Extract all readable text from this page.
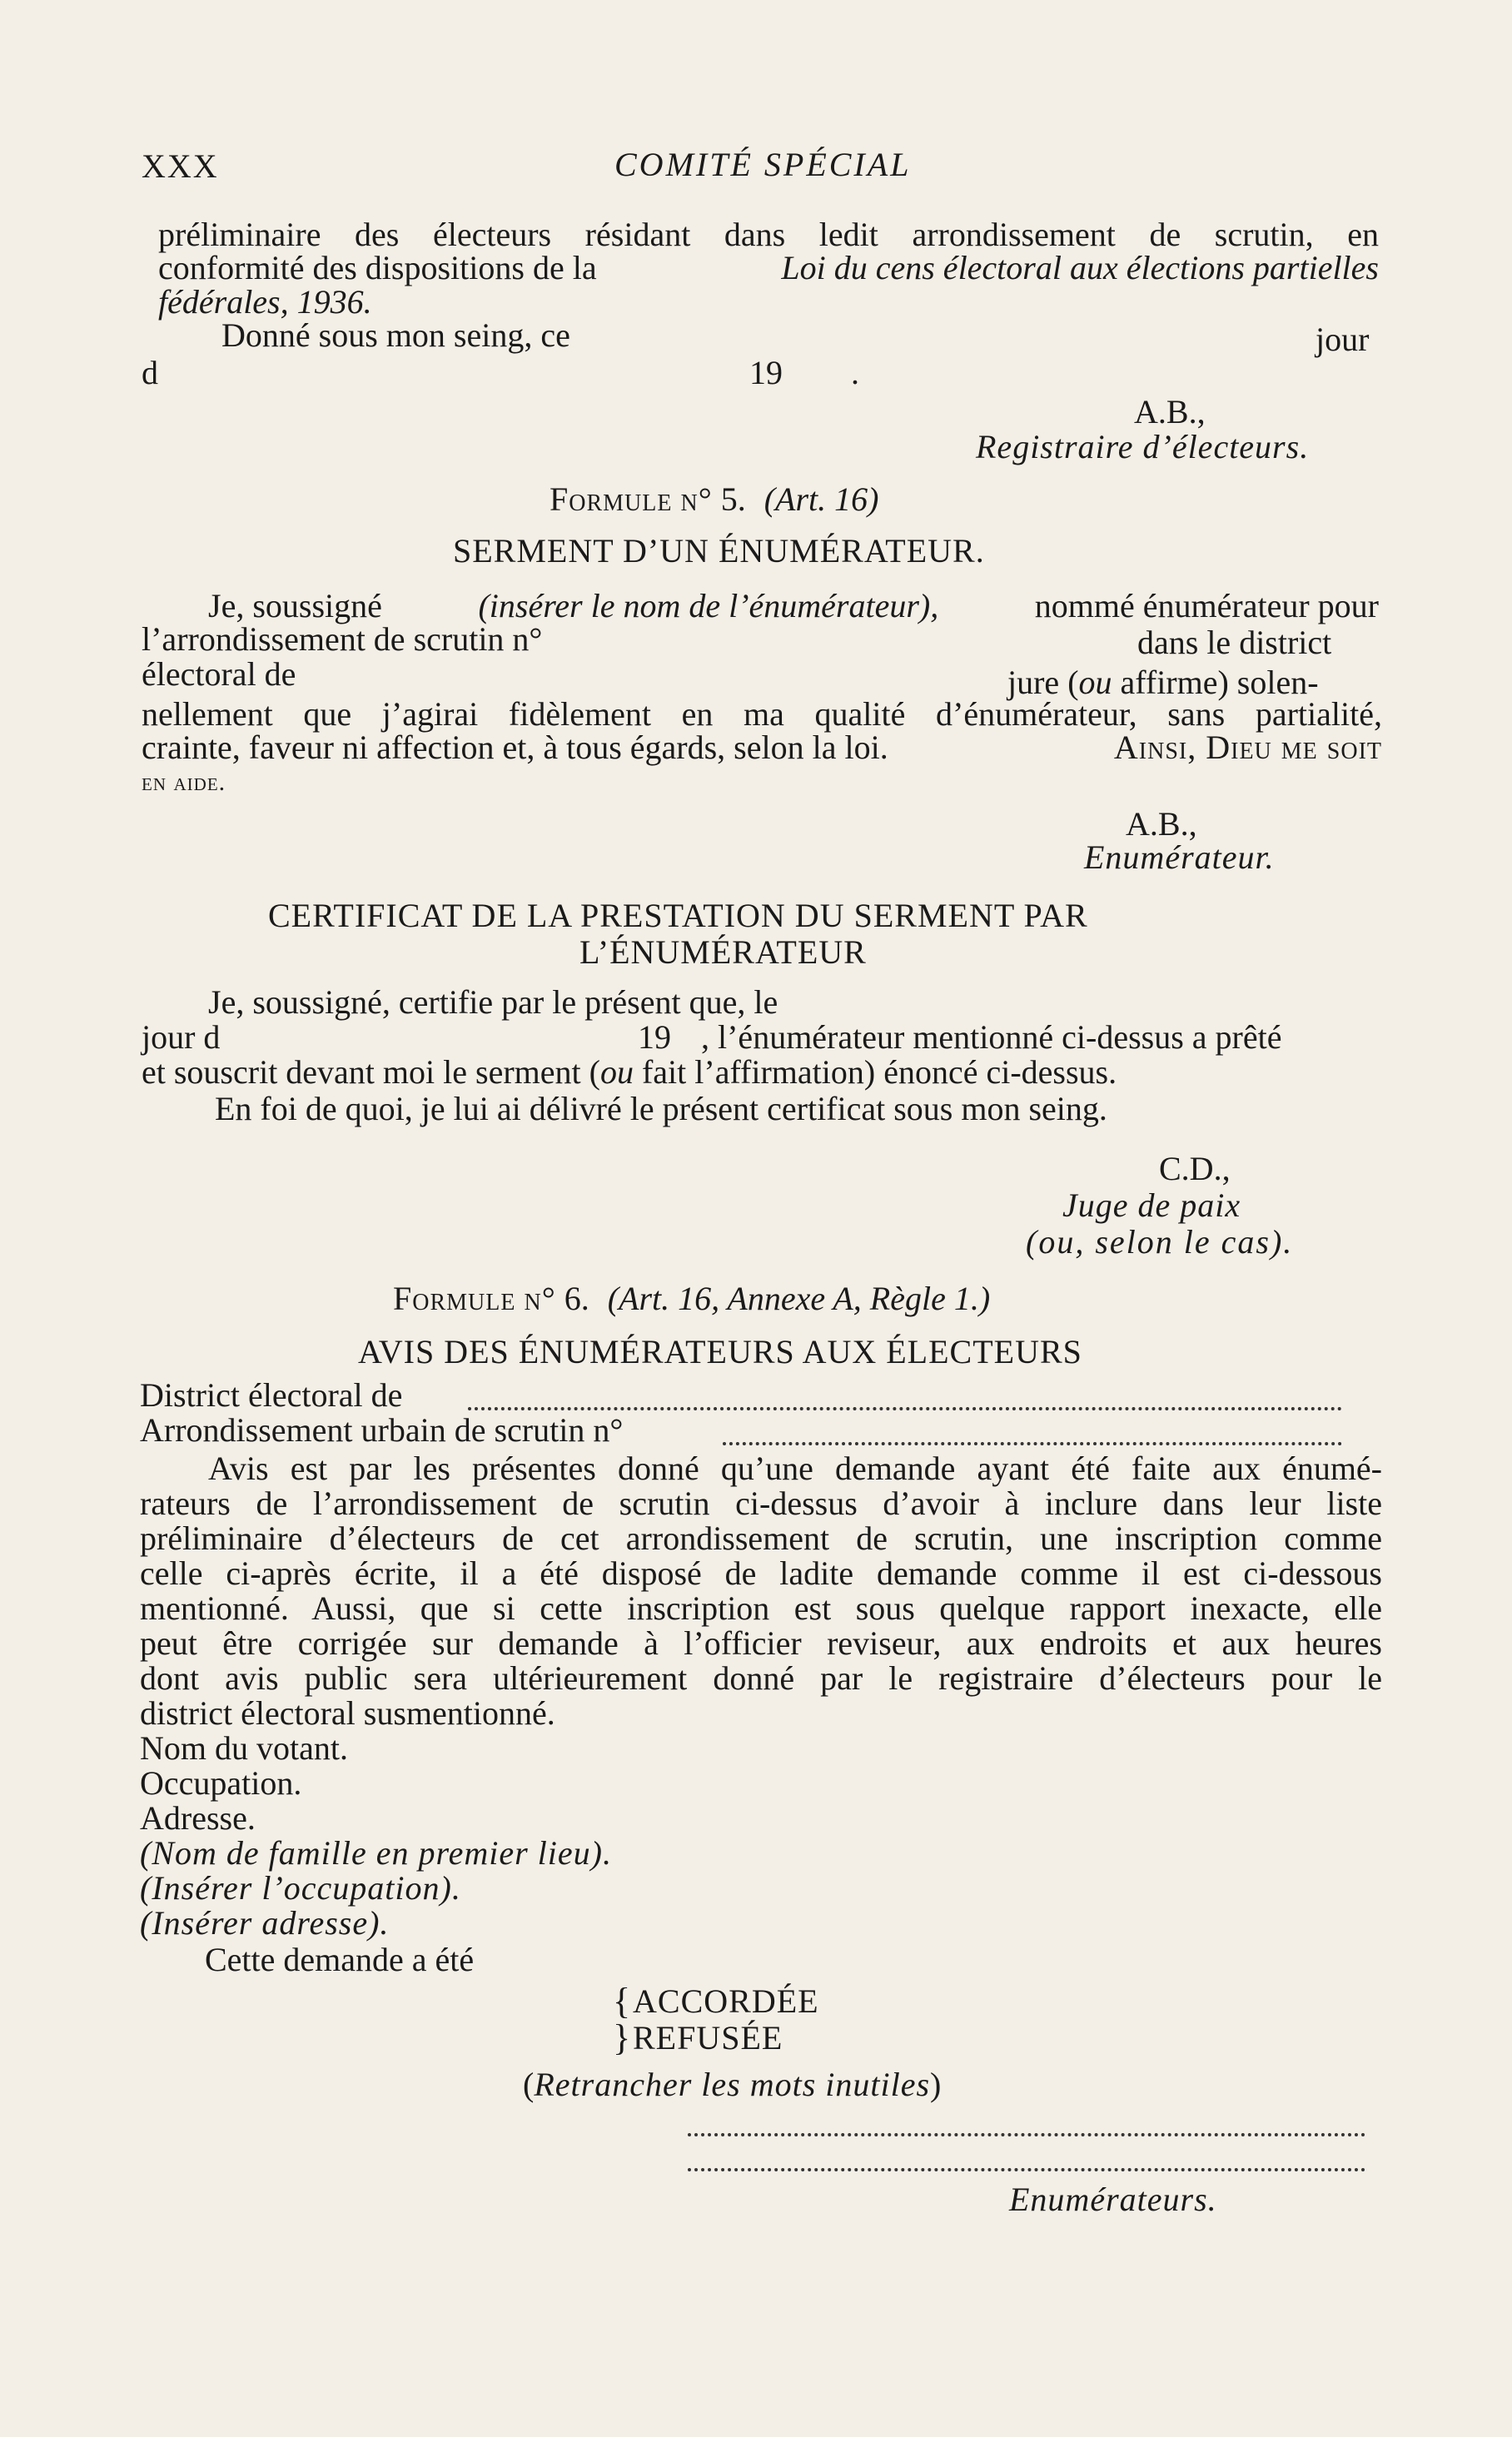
XXX	COMITÉ SPÉCIAL
préliminaire des électeurs résidant dans ledit arrondissement de scrutin, en
conformité des dispositions de la	Loi du cens électoral aux élections partielles
fédérales, 1936.
Donné sous mon seing, ce	jour
d	19 .
A.B.,
Registraire d’électeurs.
Formule n° 5. (Art. 16)
SERMENT D’UN ÉNUMÉRATEUR.
Je, soussigné	(insérer le nom de l’énumérateur),	nommé énumérateur pour
l’arrondissement de scrutin n°	dans le district
électoral de	jure (ou affirme) solen-
nellement que j’agirai fidèlement en ma qualité d’énumérateur, sans partialité,
crainte, faveur ni affection et, à tous égards, selon la loi.	Ainsi, Dieu me soit
en aide.
A.B.,
Enumérateur.
CERTIFICAT DE LA PRESTATION DU SERMENT PAR
L’ÉNUMÉRATEUR
Je, soussigné, certifie par le présent que, le
jour d	19 , l’énumérateur mentionné ci-dessus a prêté
et souscrit devant moi le serment (ou fait l’affirmation) énoncé ci-dessus.
En foi de quoi, je lui ai délivré le présent certificat sous mon seing.
C.D.,
Juge de paix
(ou, selon le cas).
Formule n° 6. (Art. 16, Annexe A, Règle 1.)
AVIS DES ÉNUMÉRATEURS AUX ÉLECTEURS
District électoral de
Arrondissement urbain de scrutin n°
Avis est par les présentes donné qu’une demande ayant été faite aux énumé-
rateurs de l’arrondissement de scrutin ci-dessus d’avoir à inclure dans leur liste
préliminaire d’électeurs de cet arrondissement de scrutin, une inscription comme
celle ci-après écrite, il a été disposé de ladite demande comme il est ci-dessous
mentionné. Aussi, que si cette inscription est sous quelque rapport inexacte, elle
peut être corrigée sur demande à l’officier reviseur, aux endroits et aux heures
dont avis public sera ultérieurement donné par le registraire d’électeurs pour le
district électoral susmentionné.
Nom du votant.
Occupation.
Adresse.
(Nom de famille en premier lieu).
(Insérer l’occupation).
(Insérer adresse).
Cette demande a été
{ ACCORDÉE
} REFUSÉE
(Retrancher les mots inutiles)
Enumérateurs.
